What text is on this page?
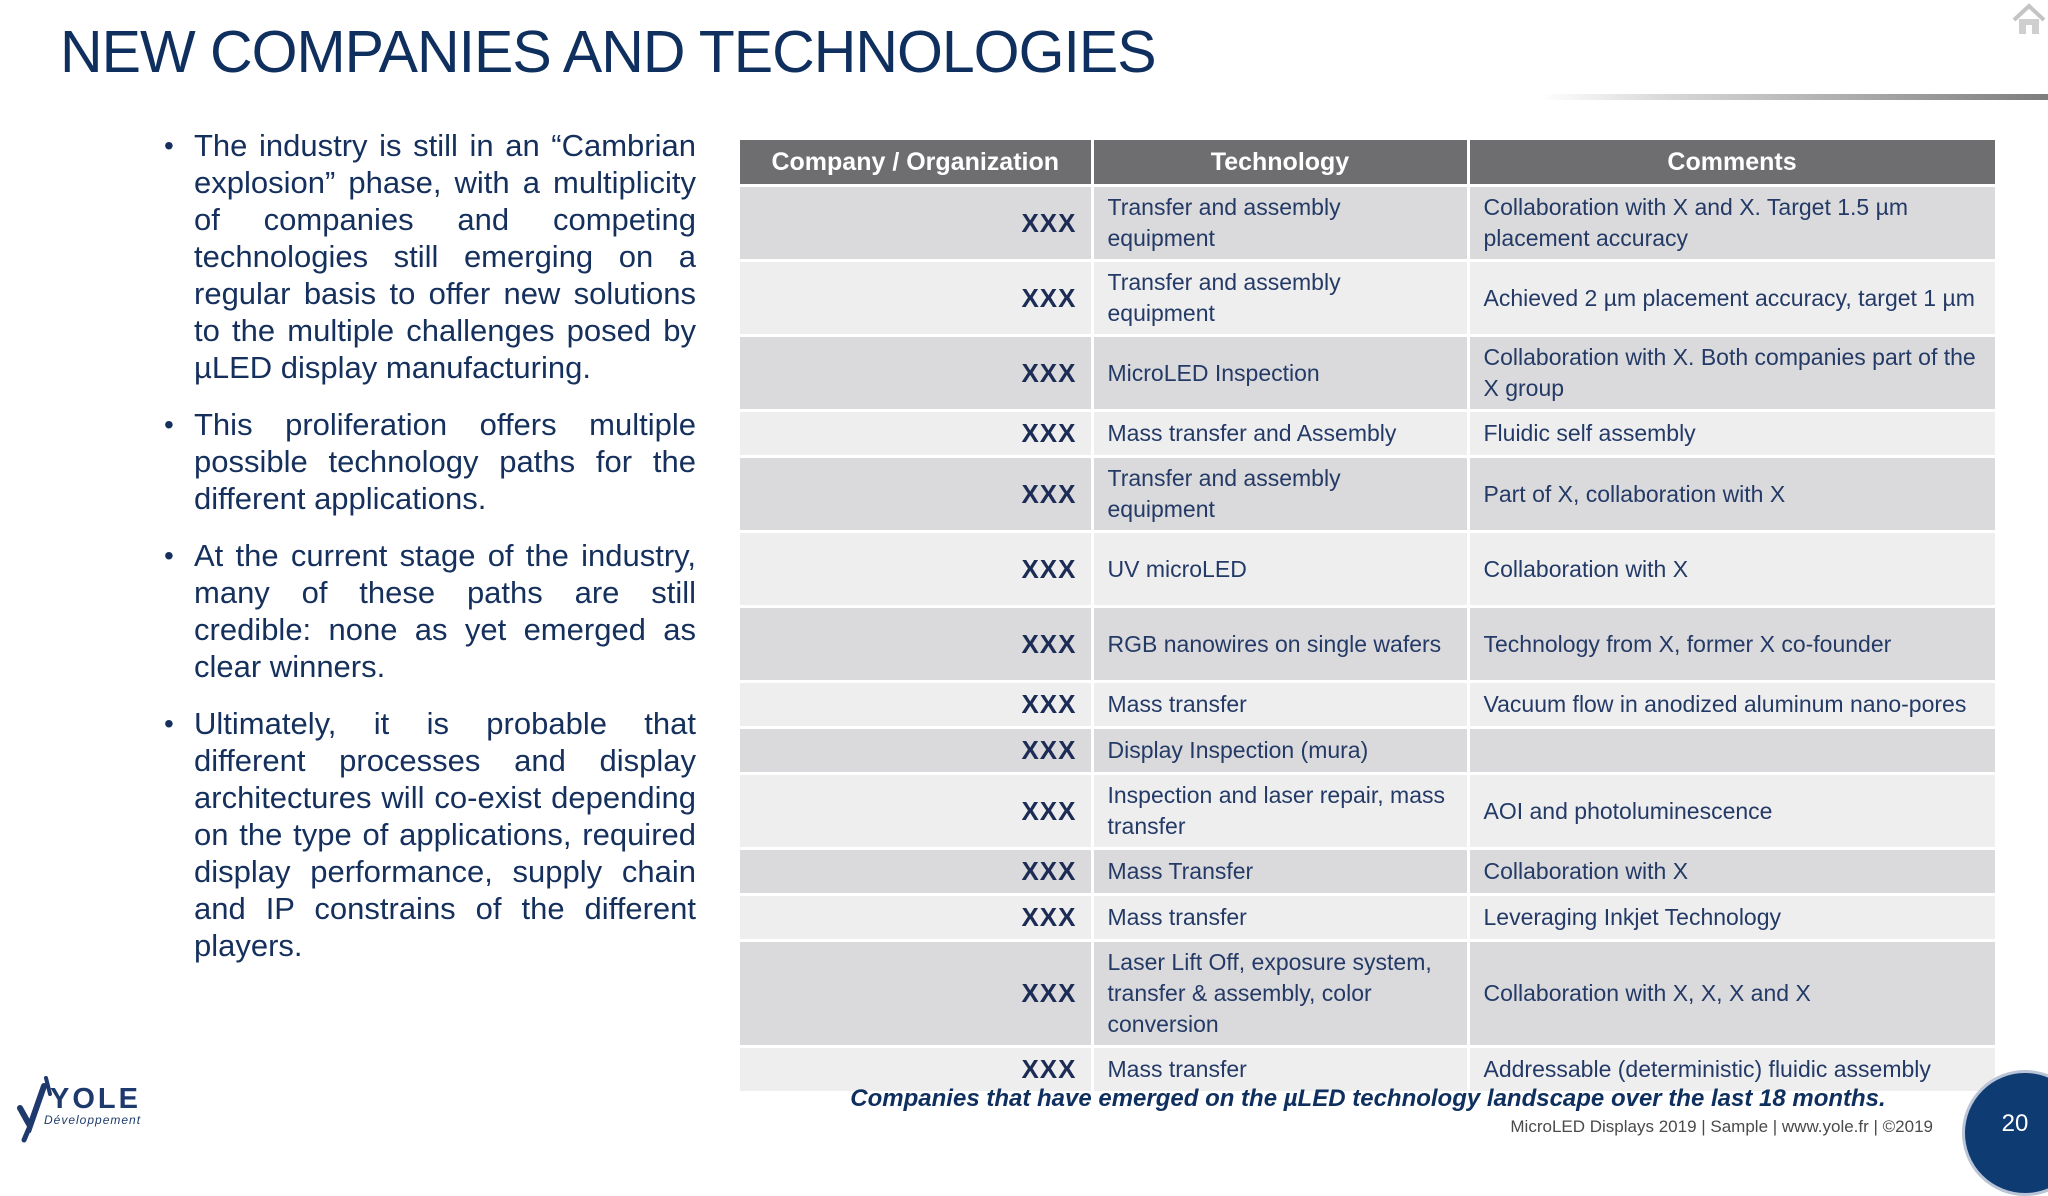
NEW COMPANIES AND TECHNOLOGIES
• The industry is still in an “Cambrian explosion” phase, with a multiplicity of companies and competing technologies still emerging on a regular basis to offer new solutions to the multiple challenges posed by µLED display manufacturing.
• This proliferation offers multiple possible technology paths for the different applications.
• At the current stage of the industry, many of these paths are still credible: none as yet emerged as clear winners.
• Ultimately, it is probable that different processes and display architectures will co-exist depending on the type of applications, required display performance, supply chain and IP constrains of the different players.
Company / Organization	Technology	Comments
XXX	Transfer and assembly equipment	Collaboration with X and X. Target 1.5 µm placement accuracy
XXX	Transfer and assembly equipment	Achieved 2 µm placement accuracy, target 1 µm
XXX	MicroLED Inspection	Collaboration with X. Both companies part of the X group
XXX	Mass transfer and Assembly	Fluidic self assembly
XXX	Transfer and assembly equipment	Part of X, collaboration with X
XXX	UV microLED	Collaboration with X
XXX	RGB nanowires on single wafers	Technology from X, former X co-founder
XXX	Mass transfer	Vacuum flow in anodized aluminum nano-pores
XXX	Display Inspection (mura)	
XXX	Inspection and laser repair, mass transfer	AOI and photoluminescence
XXX	Mass Transfer	Collaboration with X
XXX	Mass transfer	Leveraging Inkjet Technology
XXX	Laser Lift Off, exposure system, transfer & assembly, color conversion	Collaboration with X, X, X and X
XXX	Mass transfer	Addressable (deterministic) fluidic assembly
Companies that have emerged on the µLED technology landscape over the last 18 months.
YOLE
Développement	MicroLED Displays 2019 | Sample | www.yole.fr | ©2019	20
